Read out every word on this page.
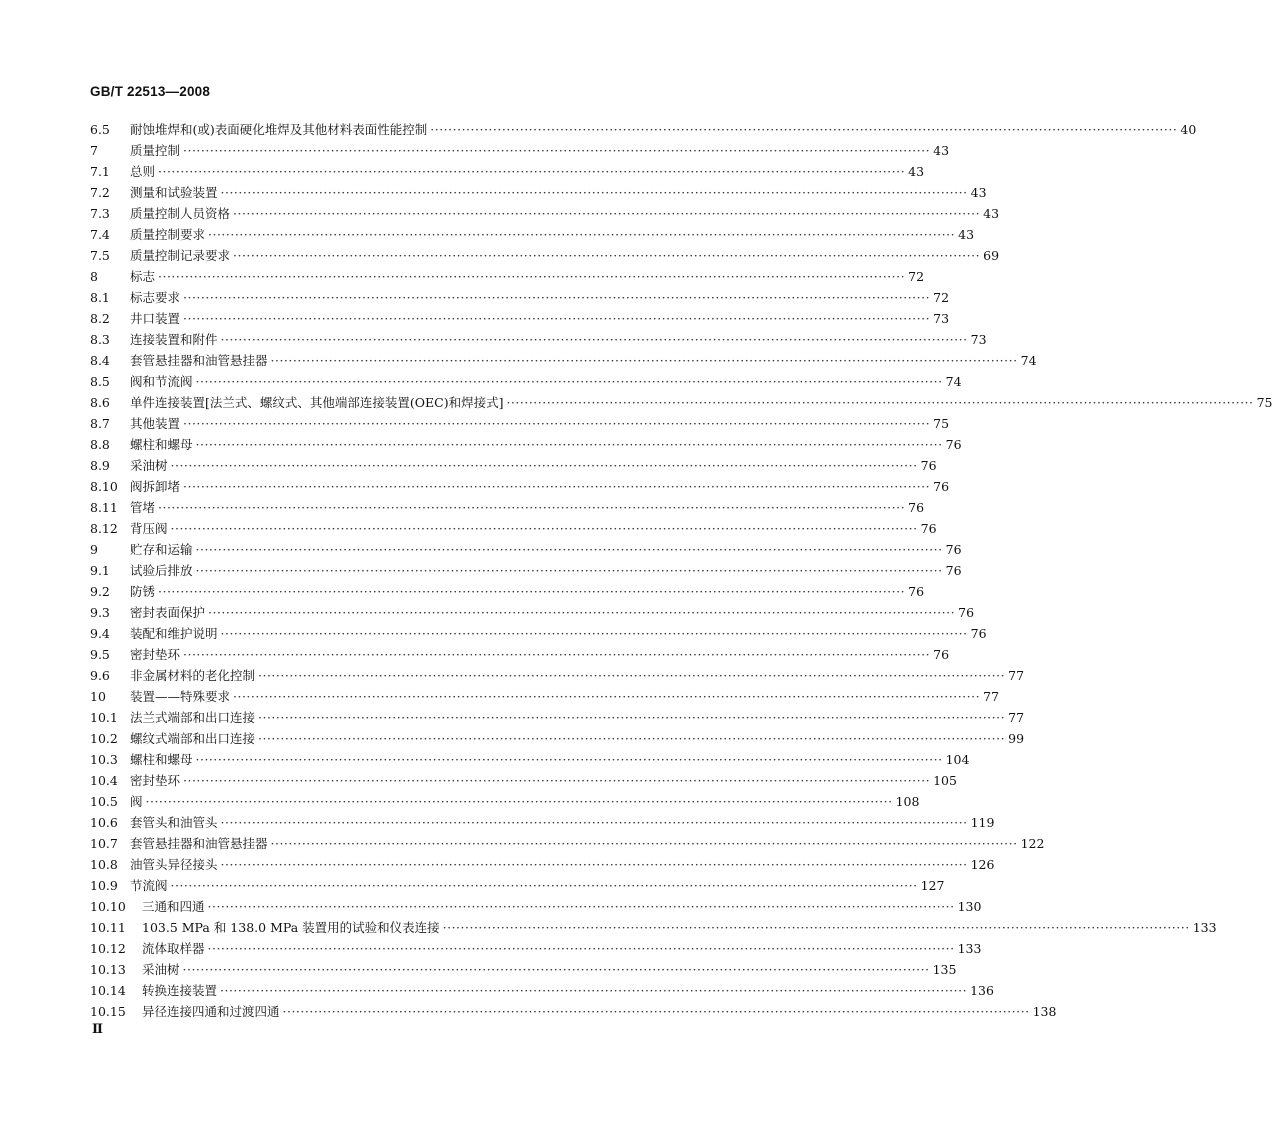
GB/T 22513—2008
6.5	耐蚀堆焊和(或)表面硬化堆焊及其他材料表面性能控制 ·····	40
7	质量控制 ·····	43
7.1	总则 ·····	43
7.2	测量和试验装置 ·····	43
7.3	质量控制人员资格 ·····	43
7.4	质量控制要求 ·····	43
7.5	质量控制记录要求 ·····	69
8	标志 ·····	72
8.1	标志要求 ·····	72
8.2	井口装置 ·····	73
8.3	连接装置和附件 ·····	73
8.4	套管悬挂器和油管悬挂器 ·····	74
8.5	阀和节流阀 ·····	74
8.6	单件连接装置[法兰式、螺纹式、其他端部连接装置(OEC)和焊接式] ·····	75
8.7	其他装置 ·····	75
8.8	螺柱和螺母 ·····	76
8.9	采油树 ·····	76
8.10 阀拆卸堵 ·····	76
8.11 管堵 ·····	76
8.12 背压阀 ·····	76
9	贮存和运输 ·····	76
9.1	试验后排放 ·····	76
9.2	防锈 ·····	76
9.3	密封表面保护 ·····	76
9.4	装配和维护说明 ·····	76
9.5	密封垫环 ·····	76
9.6	非金属材料的老化控制 ·····	77
10	装置——特殊要求 ·····	77
10.1 法兰式端部和出口连接 ·····	77
10.2 螺纹式端部和出口连接 ·····	99
10.3 螺柱和螺母 ·····	104
10.4 密封垫环 ·····	105
10.5 阀 ·····	108
10.6 套管头和油管头 ·····	119
10.7 套管悬挂器和油管悬挂器 ·····	122
10.8 油管头异径接头 ·····	126
10.9 节流阀 ·····	127
10.10	三通和四通 ·····	130
10.11	103.5 MPa 和 138.0 MPa 装置用的试验和仪表连接 ·····	133
10.12	流体取样器 ·····	133
10.13	采油树 ·····	135
10.14	转换连接装置 ·····	136
10.15	异径连接四通和过渡四通 ·····	138
Ⅱ
